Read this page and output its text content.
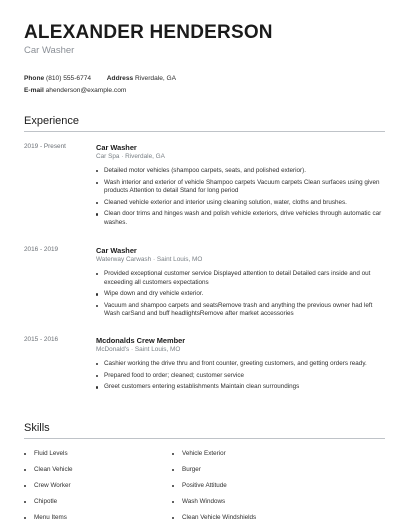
ALEXANDER HENDERSON
Car Washer
Phone (810) 555-6774 Address Riverdale, GA
E-mail ahenderson@example.com
Experience
2019 - Present	Car Washer
Car Spa · Riverdale, GA
Detailed motor vehicles (shampoo carpets, seats, and polished exterior).
Wash interior and exterior of vehicle Shampoo carpets Vacuum carpets Clean surfaces using given products Attention to detail Stand for long period
Cleaned vehicle exterior and interior using cleaning solution, water, cloths and brushes.
Clean door trims and hinges wash and polish vehicle exteriors, drive vehicles through automatic car washes.
2016 - 2019	Car Washer
Waterway Carwash · Saint Louis, MO
Provided exceptional customer service Displayed attention to detail Detailed cars inside and out exceeding all customers expectations
Wipe down and dry vehicle exterior.
Vacuum and shampoo carpets and seatsRemove trash and anything the previous owner had left Wash carSand and buff headlightsRemove after market accessories
2015 - 2016	Mcdonalds Crew Member
McDonald's · Saint Louis, MO
Cashier working the drive thru and front counter, greeting customers, and getting orders ready.
Prepared food to order; cleaned; customer service
Greet customers entering establishments Maintain clean surroundings
Skills
Fluid Levels
Clean Vehicle
Crew Worker
Chipotle
Menu Items
Vehicle Exterior
Burger
Positive Attitude
Wash Windows
Clean Vehicle Windshields
